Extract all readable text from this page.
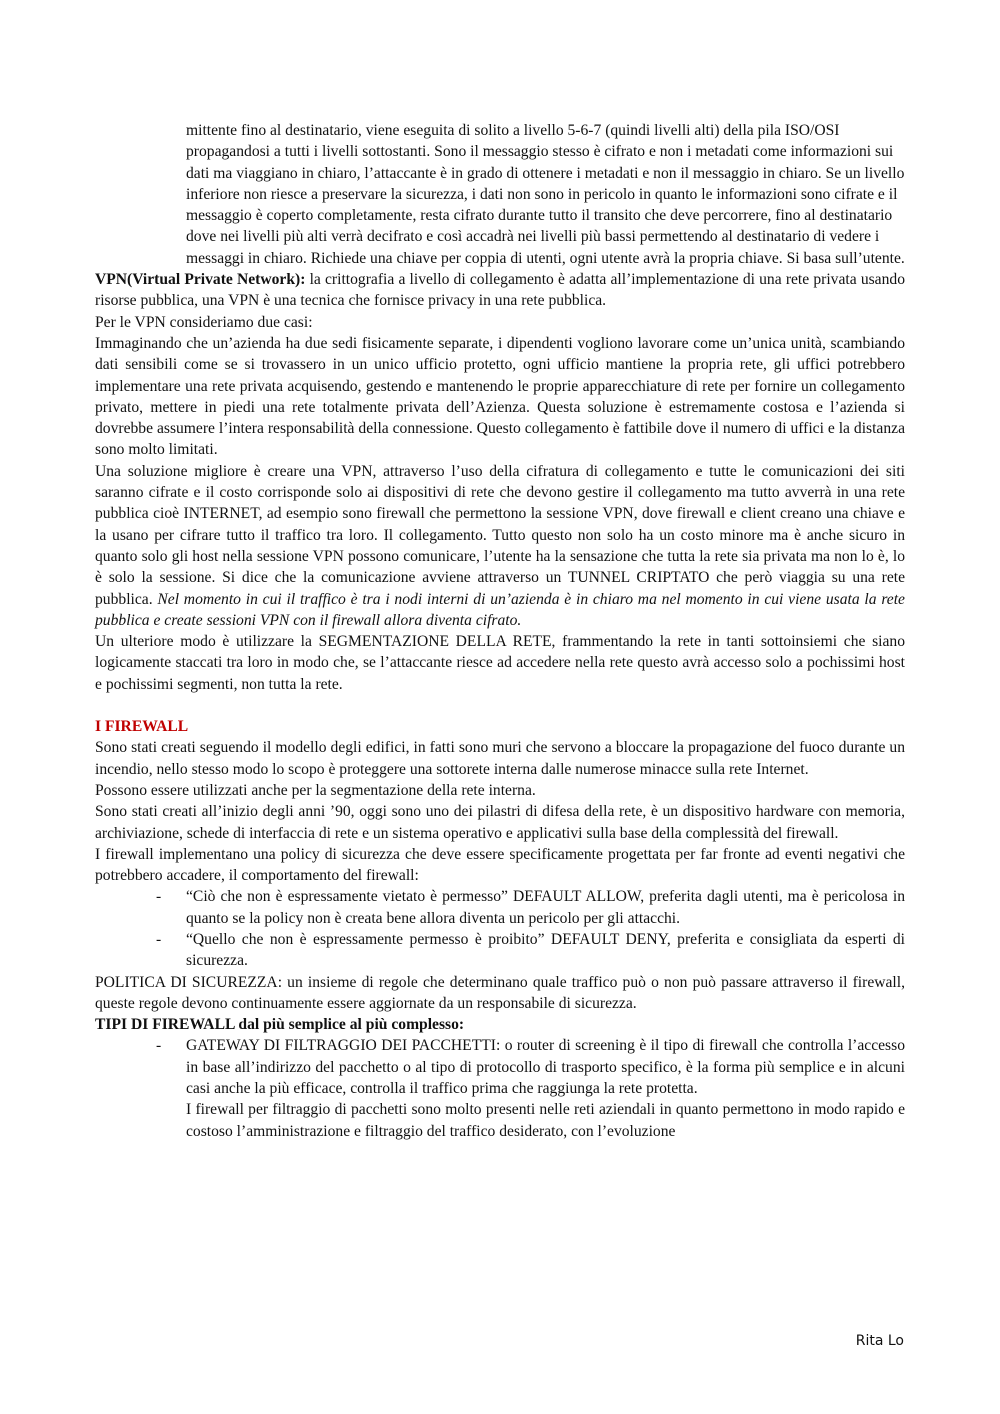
mittente fino al destinatario, viene eseguita di solito a livello 5-6-7 (quindi livelli alti) della pila ISO/OSI propagandosi a tutti i livelli sottostanti. Sono il messaggio stesso è cifrato e non i metadati come informazioni sui dati ma viaggiano in chiaro, l’attaccante è in grado di ottenere i metadati e non il messaggio in chiaro. Se un livello inferiore non riesce a preservare la sicurezza, i dati non sono in pericolo in quanto le informazioni sono cifrate e il messaggio è coperto completamente, resta cifrato durante tutto il transito che deve percorrere, fino al destinatario dove nei livelli più alti verrà decifrato e così accadrà nei livelli più bassi permettendo al destinatario di vedere i messaggi in chiaro. Richiede una chiave per coppia di utenti, ogni utente avrà la propria chiave. Si basa sull’utente.

VPN(Virtual Private Network): la crittografia a livello di collegamento è adatta all’implementazione di una rete privata usando risorse pubblica, una VPN è una tecnica che fornisce privacy in una rete pubblica.

Per le VPN consideriamo due casi:

Immaginando che un’azienda ha due sedi fisicamente separate, i dipendenti vogliono lavorare come un’unica unità, scambiando dati sensibili come se si trovassero in un unico ufficio protetto, ogni ufficio mantiene la propria rete, gli uffici potrebbero implementare una rete privata acquisendo, gestendo e mantenendo le proprie apparecchiature di rete per fornire un collegamento privato, mettere in piedi una rete totalmente privata dell’Azienza. Questa soluzione è estremamente costosa e l’azienda si dovrebbe assumere l’intera responsabilità della connessione. Questo collegamento è fattibile dove il numero di uffici e la distanza sono molto limitati.

Una soluzione migliore è creare una VPN, attraverso l’uso della cifratura di collegamento e tutte le comunicazioni dei siti saranno cifrate e il costo corrisponde solo ai dispositivi di rete che devono gestire il collegamento ma tutto avverrà in una rete pubblica cioè INTERNET, ad esempio sono firewall che permettono la sessione VPN, dove firewall e client creano una chiave e la usano per cifrare tutto il traffico tra loro. Il collegamento. Tutto questo non solo ha un costo minore ma è anche sicuro in quanto solo gli host nella sessione VPN possono comunicare, l’utente ha la sensazione che tutta la rete sia privata ma non lo è, lo è solo la sessione. Si dice che la comunicazione avviene attraverso un TUNNEL CRIPTATO che però viaggia su una rete pubblica. Nel momento in cui il traffico è tra i nodi interni di un’azienda è in chiaro ma nel momento in cui viene usata la rete pubblica e create sessioni VPN con il firewall allora diventa cifrato.

Un ulteriore modo è utilizzare la SEGMENTAZIONE DELLA RETE, frammentando la rete in tanti sottoinsiemi che siano logicamente staccati tra loro in modo che, se l’attaccante riesce ad accedere nella rete questo avrà accesso solo a pochissimi host e pochissimi segmenti, non tutta la rete.

I FIREWALL

Sono stati creati seguendo il modello degli edifici, in fatti sono muri che servono a bloccare la propagazione del fuoco durante un incendio, nello stesso modo lo scopo è proteggere una sottorete interna dalle numerose minacce sulla rete Internet.

Possono essere utilizzati anche per la segmentazione della rete interna.

Sono stati creati all’inizio degli anni ’90, oggi sono uno dei pilastri di difesa della rete, è un dispositivo hardware con memoria, archiviazione, schede di interfaccia di rete e un sistema operativo e applicativi sulla base della complessità del firewall.

I firewall implementano una policy di sicurezza che deve essere specificamente progettata per far fronte ad eventi negativi che potrebbero accadere, il comportamento del firewall:

- “Ciò che non è espressamente vietato è permesso” DEFAULT ALLOW, preferita dagli utenti, ma è pericolosa in quanto se la policy non è creata bene allora diventa un pericolo per gli attacchi.
- “Quello che non è espressamente permesso è proibito” DEFAULT DENY, preferita e consigliata da esperti di sicurezza.

POLITICA DI SICUREZZA: un insieme di regole che determinano quale traffico può o non può passare attraverso il firewall, queste regole devono continuamente essere aggiornate da un responsabile di sicurezza.

TIPI DI FIREWALL dal più semplice al più complesso:

- GATEWAY DI FILTRAGGIO DEI PACCHETTI: o router di screening è il tipo di firewall che controlla l’accesso in base all’indirizzo del pacchetto o al tipo di protocollo di trasporto specifico, è la forma più semplice e in alcuni casi anche la più efficace, controlla il traffico prima che raggiunga la rete protetta.

I firewall per filtraggio di pacchetti sono molto presenti nelle reti aziendali in quanto permettono in modo rapido e costoso l’amministrazione e filtraggio del traffico desiderato, con l’evoluzione

Rita Lo
